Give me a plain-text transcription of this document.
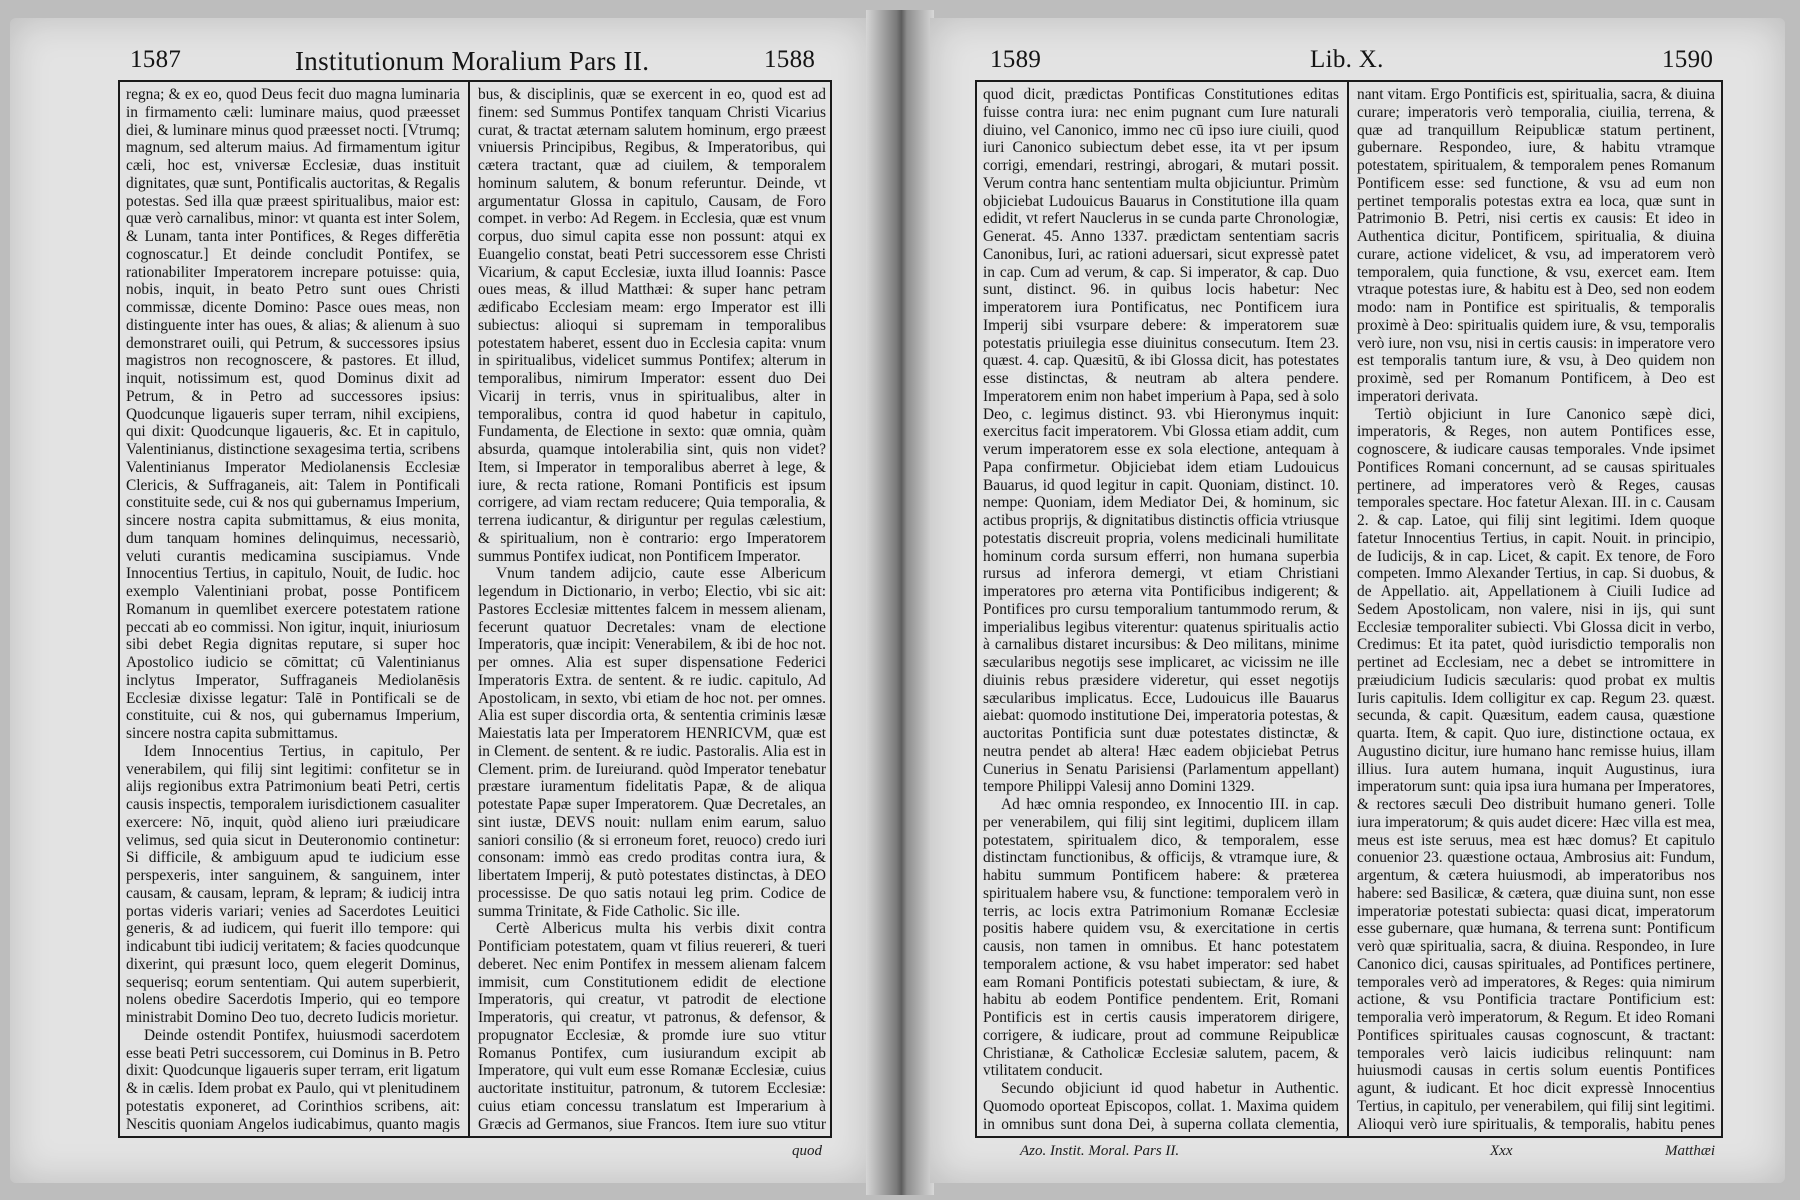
1587	Institutionum Moralium Pars II.	1588

regna; & ex eo, quod Deus fecit duo magna luminaria in firmamento cæli: luminare maius, quod præesset diei, & luminare minus quod præesset nocti. [Vtrumq; magnum, sed alterum maius. Ad firmamentum igitur cæli, hoc est, vniversæ Ecclesiæ, duas instituit dignitates, quæ sunt, Pontificalis auctoritas, & Regalis potestas. Sed illa quæ præest spiritualibus, maior est: quæ verò carnalibus, minor: vt quanta est inter Solem, & Lunam, tanta inter Pontifices, & Reges differētia cognoscatur.] Et deinde concludit Pontifex, se rationabiliter Imperatorem increpare potuisse: quia, nobis, inquit, in beato Petro sunt oues Christi commissæ, dicente Domino: Pasce oues meas, non distinguente inter has oues, & alias; & alienum à suo demonstraret ouili, qui Petrum, & successores ipsius magistros non recognoscere, & pastores. Et illud, inquit, notissimum est, quod Dominus dixit ad Petrum, & in Petro ad successores ipsius: Quodcunque ligaueris super terram, nihil excipiens, qui dixit: Quodcunque ligaueris, &c. Et in capitulo, Valentinianus, distinctione sexagesima tertia, scribens Valentinianus Imperator Mediolanensis Ecclesiæ Clericis, & Suffraganeis, ait: Talem in Pontificali constituite sede, cui & nos qui gubernamus Imperium, sincere nostra capita submittamus, & eius monita, dum tanquam homines delinquimus, necessariò, veluti curantis medicamina suscipiamus. Vnde Innocentius Tertius, in capitulo, Nouit, de Iudic. hoc exemplo Valentiniani probat, posse Pontificem Romanum in quemlibet exercere potestatem ratione peccati ab eo commissi. Non igitur, inquit, iniuriosum sibi debet Regia dignitas reputare, si super hoc Apostolico iudicio se cōmittat; cū Valentinianus inclytus Imperator, Suffraganeis Mediolanēsis Ecclesiæ dixisse legatur: Talē in Pontificali se de constituite, cui & nos, qui gubernamus Imperium, sincere nostra capita submittamus.

Idem Innocentius Tertius, in capitulo, Per venerabilem, qui filij sint legitimi: confitetur se in alijs regionibus extra Patrimonium beati Petri, certis causis inspectis, temporalem iurisdictionem casualiter exercere: Nō, inquit, quòd alieno iuri præiudicare velimus, sed quia sicut in Deuteronomio continetur: Si difficile, & ambiguum apud te iudicium esse perspexeris, inter sanguinem, & sanguinem, inter causam, & causam, lepram, & lepram; & iudicij intra portas videris variari; venies ad Sacerdotes Leuitici generis, & ad iudicem, qui fuerit illo tempore: qui indicabunt tibi iudicij veritatem; & facies quodcunque dixerint, qui præsunt loco, quem elegerit Dominus, sequerisq; eorum sententiam. Qui autem superbierit, nolens obedire Sacerdotis Imperio, qui eo tempore ministrabit Domino Deo tuo, decreto Iudicis morietur.

Deinde ostendit Pontifex, huiusmodi sacerdotem esse beati Petri successorem, cui Dominus in B. Petro dixit: Quodcunque ligaueris super terram, erit ligatum & in cælis. Idem probat ex Paulo, qui vt plenitudinem potestatis exponeret, ad Corinthios scribens, ait: Nescitis quoniam Angelos iudicabimus, quanto magis

bus, & disciplinis, quæ se exercent in eo, quod est ad finem: sed Summus Pontifex tanquam Christi Vicarius curat, & tractat æternam salutem hominum, ergo præest vniuersis Principibus, Regibus, & Imperatoribus, qui cætera tractant, quæ ad ciuilem, & temporalem hominum salutem, & bonum referuntur. Deinde, vt argumentatur Glossa in capitulo, Causam, de Foro compet. in verbo: Ad Regem. in Ecclesia, quæ est vnum corpus, duo simul capita esse non possunt: atqui ex Euangelio constat, beati Petri successorem esse Christi Vicarium, & caput Ecclesiæ, iuxta illud Ioannis: Pasce oues meas, & illud Matthæi: & super hanc petram ædificabo Ecclesiam meam: ergo Imperator est illi subiectus: alioqui si supremam in temporalibus potestatem haberet, essent duo in Ecclesia capita: vnum in spiritualibus, videlicet summus Pontifex; alterum in temporalibus, nimirum Imperator: essent duo Dei Vicarij in terris, vnus in spiritualibus, alter in temporalibus, contra id quod habetur in capitulo, Fundamenta, de Electione in sexto: quæ omnia, quàm absurda, quamque intolerabilia sint, quis non videt? Item, si Imperator in temporalibus aberret à lege, & iure, & recta ratione, Romani Pontificis est ipsum corrigere, ad viam rectam reducere; Quia temporalia, & terrena iudicantur, & diriguntur per regulas cælestium, & spiritualium, non è contrario: ergo Imperatorem summus Pontifex iudicat, non Pontificem Imperator.

Vnum tandem adijcio, caute esse Albericum legendum in Dictionario, in verbo; Electio, vbi sic ait: Pastores Ecclesiæ mittentes falcem in messem alienam, fecerunt quatuor Decretales: vnam de electione Imperatoris, quæ incipit: Venerabilem, & ibi de hoc not. per omnes. Alia est super dispensatione Federici Imperatoris Extra. de sentent. & re iudic. capitulo, Ad Apostolicam, in sexto, vbi etiam de hoc not. per omnes. Alia est super discordia orta, & sententia criminis læsæ Maiestatis lata per Imperatorem HENRICVM, quæ est in Clement. de sentent. & re iudic. Pastoralis. Alia est in Clement. prim. de Iureiurand. quòd Imperator tenebatur præstare iuramentum fidelitatis Papæ, & de aliqua potestate Papæ super Imperatorem. Quæ Decretales, an sint iustæ, DEVS nouit: nullam enim earum, saluo saniori consilio (& si erroneum foret, reuoco) credo iuri consonam: immò eas credo proditas contra iura, & libertatem Imperij, & putò potestates distinctas, à DEO processisse. De quo satis notaui leg prim. Codice de summa Trinitate, & Fide Catholic. Sic ille.

Certè Albericus multa his verbis dixit contra Pontificiam potestatem, quam vt filius reuereri, & tueri deberet. Nec enim Pontifex in messem alienam falcem immisit, cum Constitutionem edidit de electione Imperatoris, qui creatur, vt patrodit de electione Imperatoris, qui creatur, vt patronus, & defensor, & propugnator Ecclesiæ, & promde iure suo vtitur Romanus Pontifex, cum iusiurandum excipit ab Imperatore, qui vult eum esse Romanæ Ecclesiæ, cuius auctoritate instituitur, patronum, & tutorem Ecclesiæ: cuius etiam concessu translatum est Imperarium à Græcis ad Germanos, siue Francos. Item iure suo vtitur

quod
1589	Lib. X.	1590

quod dicit, prædictas Pontificas Constitutiones editas fuisse contra iura: nec enim pugnant cum Iure naturali diuino, vel Canonico, immo nec cū ipso iure ciuili, quod iuri Canonico subiectum debet esse, ita vt per ipsum corrigi, emendari, restringi, abrogari, & mutari possit. Verum contra hanc sententiam multa objiciuntur. Primùm objiciebat Ludouicus Bauarus in Constitutione illa quam edidit, vt refert Nauclerus in se cunda parte Chronologiæ, Generat. 45. Anno 1337. prædictam sententiam sacris Canonibus, Iuri, ac rationi aduersari, sicut expressè patet in cap. Cum ad verum, & cap. Si imperator, & cap. Duo sunt, distinct. 96. in quibus locis habetur: Nec imperatorem iura Pontificatus, nec Pontificem iura Imperij sibi vsurpare debere: & imperatorem suæ potestatis priuilegia esse diuinitus consecutum. Item 23. quæst. 4. cap. Quæsitū, & ibi Glossa dicit, has potestates esse distinctas, & neutram ab altera pendere. Imperatorem enim non habet imperium à Papa, sed à solo Deo, c. legimus distinct. 93. vbi Hieronymus inquit: exercitus facit imperatorem. Vbi Glossa etiam addit, cum verum imperatorem esse ex sola electione, antequam à Papa confirmetur. Objiciebat idem etiam Ludouicus Bauarus, id quod legitur in capit. Quoniam, distinct. 10. nempe: Quoniam, idem Mediator Dei, & hominum, sic actibus proprijs, & dignitatibus distinctis officia vtriusque potestatis discreuit propria, volens medicinali humilitate hominum corda sursum efferri, non humana superbia rursus ad inferora demergi, vt etiam Christiani imperatores pro æterna vita Pontificibus indigerent; & Pontifices pro cursu temporalium tantummodo rerum, & imperialibus legibus viterentur: quatenus spiritualis actio à carnalibus distaret incursibus: & Deo militans, minime sæcularibus negotijs sese implicaret, ac vicissim ne ille diuinis rebus præsidere videretur, qui esset negotijs sæcularibus implicatus. Ecce, Ludouicus ille Bauarus aiebat: quomodo institutione Dei, imperatoria potestas, & auctoritas Pontificia sunt duæ potestates distinctæ, & neutra pendet ab altera! Hæc eadem objiciebat Petrus Cunerius in Senatu Parisiensi (Parlamentum appellant) tempore Philippi Valesij anno Domini 1329.

Ad hæc omnia respondeo, ex Innocentio III. in cap. per venerabilem, qui filij sint legitimi, duplicem illam potestatem, spiritualem dico, & temporalem, esse distinctam functionibus, & officijs, & vtramque iure, & habitu summum Pontificem habere: & præterea spiritualem habere vsu, & functione: temporalem verò in terris, ac locis extra Patrimonium Romanæ Ecclesiæ positis habere quidem vsu, & exercitatione in certis causis, non tamen in omnibus. Et hanc potestatem temporalem actione, & vsu habet imperator: sed habet eam Romani Pontificis potestati subiectam, & iure, & habitu ab eodem Pontifice pendentem. Erit, Romani Pontificis est in certis causis imperatorem dirigere, corrigere, & iudicare, prout ad commune Reipublicæ Christianæ, & Catholicæ Ecclesiæ salutem, pacem, & vtilitatem conducit.

Secundo objiciunt id quod habetur in Authentic. Quomodo oporteat Episcopos, collat. 1. Maxima quidem in omnibus sunt dona Dei, à superna collata clementia,

nant vitam. Ergo Pontificis est, spiritualia, sacra, & diuina curare; imperatoris verò temporalia, ciuilia, terrena, & quæ ad tranquillum Reipublicæ statum pertinent, gubernare. Respondeo, iure, & habitu vtramque potestatem, spiritualem, & temporalem penes Romanum Pontificem esse: sed functione, & vsu ad eum non pertinet temporalis potestas extra ea loca, quæ sunt in Patrimonio B. Petri, nisi certis ex causis: Et ideo in Authentica dicitur, Pontificem, spiritualia, & diuina curare, actione videlicet, & vsu, ad imperatorem verò temporalem, quia functione, & vsu, exercet eam. Item vtraque potestas iure, & habitu est à Deo, sed non eodem modo: nam in Pontifice est spiritualis, & temporalis proximè à Deo: spiritualis quidem iure, & vsu, temporalis verò iure, non vsu, nisi in certis causis: in imperatore vero est temporalis tantum iure, & vsu, à Deo quidem non proximè, sed per Romanum Pontificem, à Deo est imperatori derivata.

Tertiò objiciunt in Iure Canonico sæpè dici, imperatoris, & Reges, non autem Pontifices esse, cognoscere, & iudicare causas temporales. Vnde ipsimet Pontifices Romani concernunt, ad se causas spirituales pertinere, ad imperatores verò & Reges, causas temporales spectare. Hoc fatetur Alexan. III. in c. Causam 2. & cap. Latoe, qui filij sint legitimi. Idem quoque fatetur Innocentius Tertius, in capit. Nouit. in principio, de Iudicijs, & in cap. Licet, & capit. Ex tenore, de Foro competen. Immo Alexander Tertius, in cap. Si duobus, & de Appellatio. ait, Appellationem à Ciuili Iudice ad Sedem Apostolicam, non valere, nisi in ijs, qui sunt Ecclesiæ temporaliter subiecti. Vbi Glossa dicit in verbo, Credimus: Et ita patet, quòd iurisdictio temporalis non pertinet ad Ecclesiam, nec a debet se intromittere in præiudicium Iudicis sæcularis: quod probat ex multis Iuris capitulis. Idem colligitur ex cap. Regum 23. quæst. secunda, & capit. Quæsitum, eadem causa, quæstione quarta. Item, & capit. Quo iure, distinctione octaua, ex Augustino dicitur, iure humano hanc remisse huius, illam illius. Iura autem humana, inquit Augustinus, iura imperatorum sunt: quia ipsa iura humana per Imperatores, & rectores sæculi Deo distribuit humano generi. Tolle iura imperatorum; & quis audet dicere: Hæc villa est mea, meus est iste seruus, mea est hæc domus? Et capitulo conuenior 23. quæstione octaua, Ambrosius ait: Fundum, argentum, & cætera huiusmodi, ab imperatoribus nos habere: sed Basilicæ, & cætera, quæ diuina sunt, non esse imperatoriæ potestati subiecta: quasi dicat, imperatorum esse gubernare, quæ humana, & terrena sunt: Pontificum verò quæ spiritualia, sacra, & diuina. Respondeo, in Iure Canonico dici, causas spirituales, ad Pontifices pertinere, temporales verò ad imperatores, & Reges: quia nimirum actione, & vsu Pontificia tractare Pontificium est: temporalia verò imperatorum, & Regum. Et ideo Romani Pontifices spirituales causas cognoscunt, & tractant: temporales verò laicis iudicibus relinquunt: nam huiusmodi causas in certis solum euentis Pontifices agunt, & iudicant. Et hoc dicit expressè Innocentius Tertius, in capitulo, per venerabilem, qui filij sint legitimi. Alioqui verò iure spiritualis, & temporalis, habitu penes

Azo. Instit. Moral. Pars II.	Xxx	Matthæi
